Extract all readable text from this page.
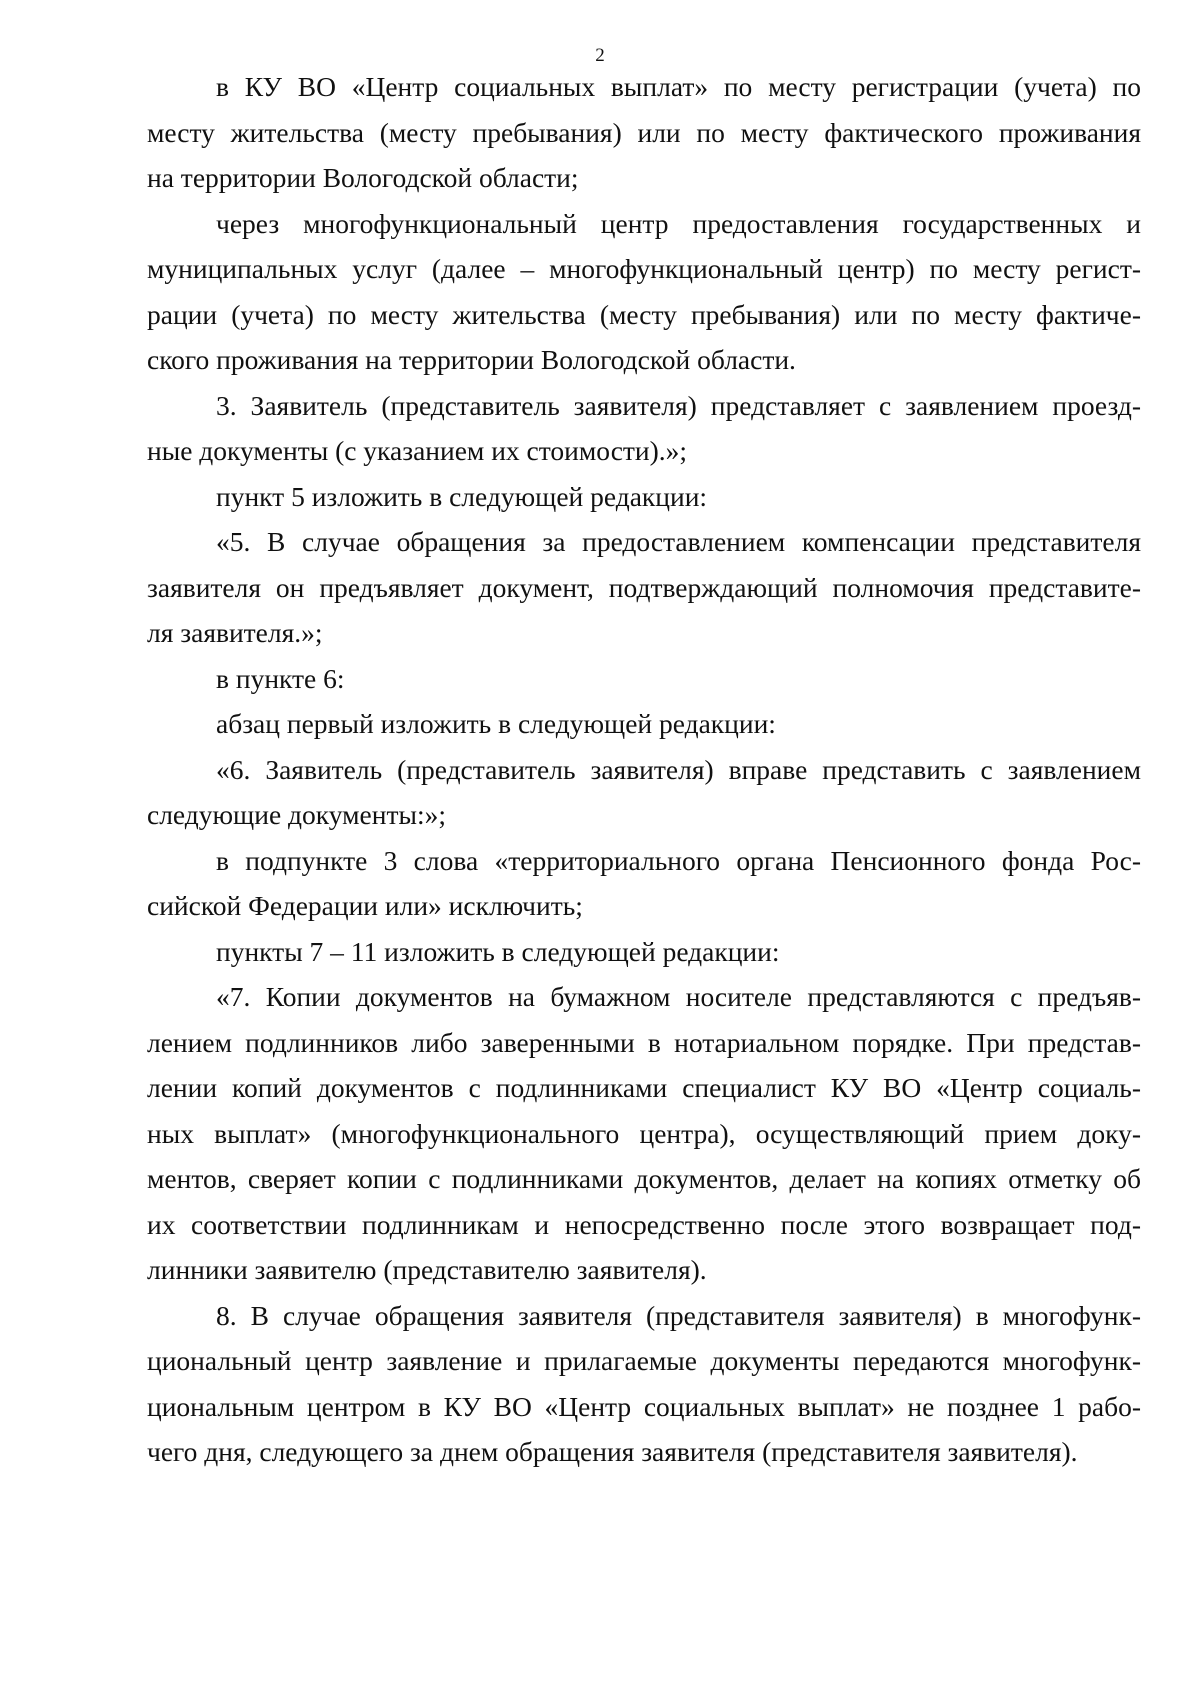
2
в КУ ВО «Центр социальных выплат» по месту регистрации (учета) по
месту жительства (месту пребывания) или по месту фактического проживания
на территории Вологодской области;
через многофункциональный центр предоставления государственных и
муниципальных услуг (далее – многофункциональный центр) по месту регист-
рации (учета) по месту жительства (месту пребывания) или по месту фактиче-
ского проживания на территории Вологодской области.
3. Заявитель (представитель заявителя) представляет с заявлением проезд-
ные документы (с указанием их стоимости).»;
пункт 5 изложить в следующей редакции:
«5. В случае обращения за предоставлением компенсации представителя
заявителя он предъявляет документ, подтверждающий полномочия представите-
ля заявителя.»;
в пункте 6:
абзац первый изложить в следующей редакции:
«6. Заявитель (представитель заявителя) вправе представить с заявлением
следующие документы:»;
в подпункте 3 слова «территориального органа Пенсионного фонда Рос-
сийской Федерации или» исключить;
пункты 7 – 11 изложить в следующей редакции:
«7. Копии документов на бумажном носителе представляются с предъяв-
лением подлинников либо заверенными в нотариальном порядке. При представ-
лении копий документов с подлинниками специалист КУ ВО «Центр социаль-
ных выплат» (многофункционального центра), осуществляющий прием доку-
ментов, сверяет копии с подлинниками документов, делает на копиях отметку об
их соответствии подлинникам и непосредственно после этого возвращает под-
линники заявителю (представителю заявителя).
8. В случае обращения заявителя (представителя заявителя) в многофунк-
циональный центр заявление и прилагаемые документы передаются многофунк-
циональным центром в КУ ВО «Центр социальных выплат» не позднее 1 рабо-
чего дня, следующего за днем обращения заявителя (представителя заявителя).
